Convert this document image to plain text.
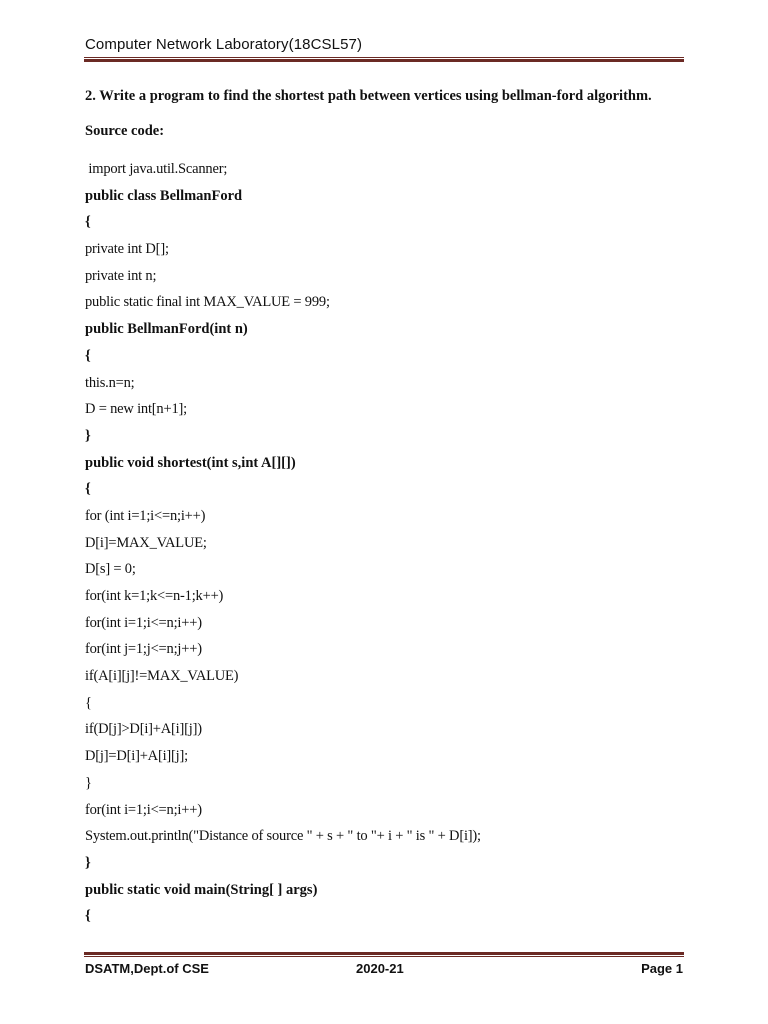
Computer Network Laboratory(18CSL57)
2. Write a program to find the shortest path between vertices using bellman-ford algorithm.
Source code:
import java.util.Scanner;
public class BellmanFord
{
private int D[];
private int n;
public static final int MAX_VALUE = 999;
public BellmanFord(int n)
{
this.n=n;
D = new int[n+1];
}
public void shortest(int s,int A[][])
{
for (int i=1;i<=n;i++)
D[i]=MAX_VALUE;
D[s] = 0;
for(int k=1;k<=n-1;k++)
for(int i=1;i<=n;i++)
for(int j=1;j<=n;j++)
if(A[i][j]!=MAX_VALUE)
{
if(D[j]>D[i]+A[i][j])
D[j]=D[i]+A[i][j];
}
for(int i=1;i<=n;i++)
System.out.println("Distance of source " + s + " to "+ i + " is " + D[i]);
}
public static void main(String[ ] args)
{
DSATM,Dept.of CSE	2020-21	Page 1
